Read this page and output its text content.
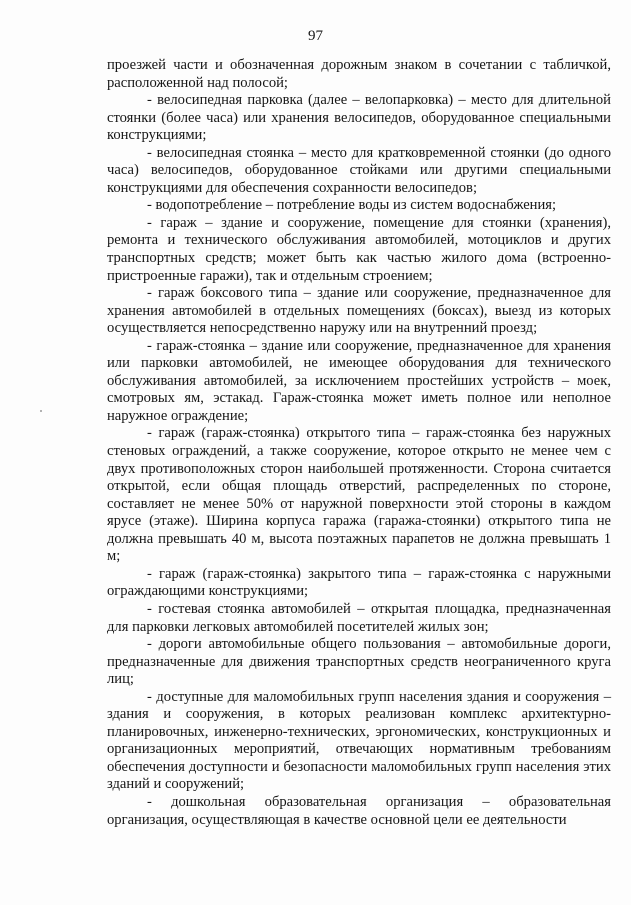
97

проезжей части и обозначенная дорожным знаком в сочетании с табличкой, расположенной над полосой;

- велосипедная парковка (далее – велопарковка) – место для длительной стоянки (более часа) или хранения велосипедов, оборудованное специальными конструкциями;

- велосипедная стоянка – место для кратковременной стоянки (до одного часа) велосипедов, оборудованное стойками или другими специальными конструкциями для обеспечения сохранности велосипедов;

- водопотребление – потребление воды из систем водоснабжения;

- гараж – здание и сооружение, помещение для стоянки (хранения), ремонта и технического обслуживания автомобилей, мотоциклов и других транспортных средств; может быть как частью жилого дома (встроенно-пристроенные гаражи), так и отдельным строением;

- гараж боксового типа – здание или сооружение, предназначенное для хранения автомобилей в отдельных помещениях (боксах), выезд из которых осуществляется непосредственно наружу или на внутренний проезд;

- гараж-стоянка – здание или сооружение, предназначенное для хранения или парковки автомобилей, не имеющее оборудования для технического обслуживания автомобилей, за исключением простейших устройств – моек, смотровых ям, эстакад. Гараж-стоянка может иметь полное или неполное наружное ограждение;

- гараж (гараж-стоянка) открытого типа – гараж-стоянка без наружных стеновых ограждений, а также сооружение, которое открыто не менее чем с двух противоположных сторон наибольшей протяженности. Сторона считается открытой, если общая площадь отверстий, распределенных по стороне, составляет не менее 50% от наружной поверхности этой стороны в каждом ярусе (этаже). Ширина корпуса гаража (гаража-стоянки) открытого типа не должна превышать 40 м, высота поэтажных парапетов не должна превышать 1 м;

- гараж (гараж-стоянка) закрытого типа – гараж-стоянка с наружными ограждающими конструкциями;

- гостевая стоянка автомобилей – открытая площадка, предназначенная для парковки легковых автомобилей посетителей жилых зон;

- дороги автомобильные общего пользования – автомобильные дороги, предназначенные для движения транспортных средств неограниченного круга лиц;

- доступные для маломобильных групп населения здания и сооружения – здания и сооружения, в которых реализован комплекс архитектурно-планировочных, инженерно-технических, эргономических, конструкционных и организационных мероприятий, отвечающих нормативным требованиям обеспечения доступности и безопасности маломобильных групп населения этих зданий и сооружений;

- дошкольная образовательная организация – образовательная организация, осуществляющая в качестве основной цели ее деятельности
